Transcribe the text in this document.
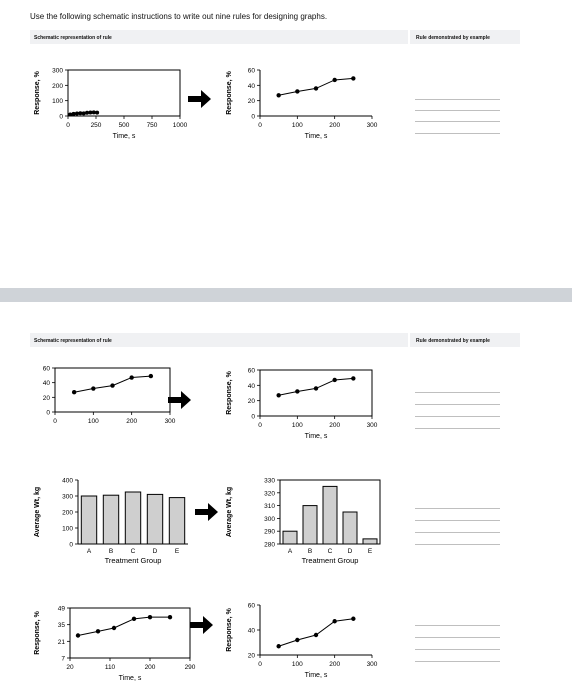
Use the following schematic instructions to write out nine rules for designing graphs.
Schematic representation of rule	Rule demonstrated by example
Schematic representation of rule	Rule demonstrated by example
300
200
100
0
Response, %
0	250	500	750 1000
Time, s
60
40
20
0
Response, %
0	100	200	300
Time, s
60
40
20
0
0	100	200	300
60
40
20
0
Response, %
0	100	200	300
Time, s
400
300
200
100
0
Average Wt, kg
A	B	C	D	E
Treatment Group
330
320
310
300
290
280
Average Wt, kg
A B C D E
Treatment Group
49
35
21
7
Response, %
20	110	200	290
Time, s
60
40
20
Response, %
0	100	200	300
Time, s
